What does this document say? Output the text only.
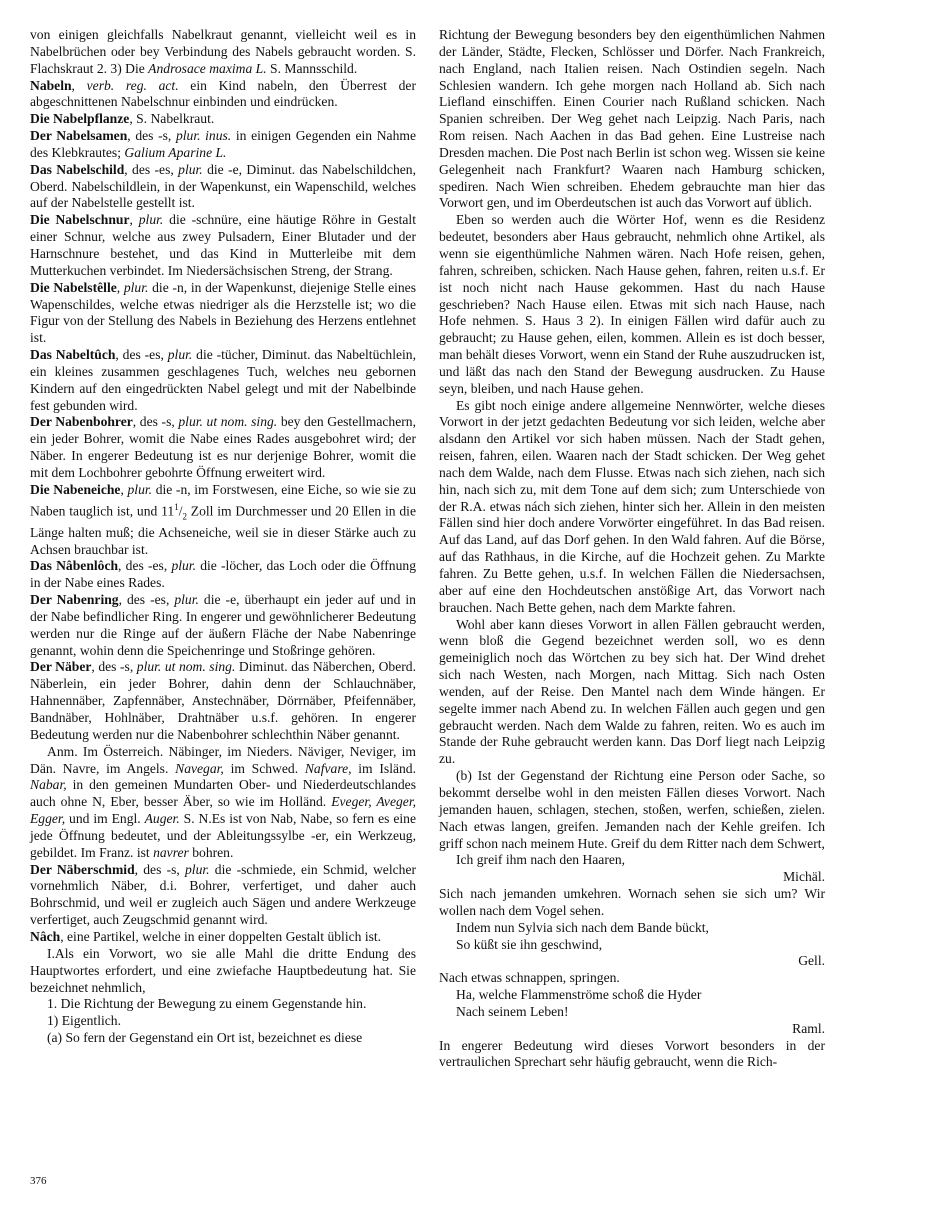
von einigen gleichfalls Nabelkraut genannt, vielleicht weil es in Nabelbrüchen oder bey Verbindung des Nabels gebraucht worden. S. Flachskraut 2. 3) Die Androsace maxima L. S. Mannsschild.

Nabeln, verb. reg. act. ein Kind nabeln, den Überrest der abgeschnittenen Nabelschnur einbinden und eindrücken.

Die Nabelpflanze, S. Nabelkraut.

Der Nabelsamen, des -s, plur. inus. in einigen Gegenden ein Nahme des Klebkrautes; Galium Aparine L.

Das Nabelschild, des -es, plur. die -e, Diminut. das Nabelschildchen, Oberd. Nabelschildlein, in der Wapenkunst, ein Wapenschild, welches auf der Nabelstelle gestellt ist.

Die Nabelschnur, plur. die -schnüre, eine häutige Röhre in Gestalt einer Schnur, welche aus zwey Pulsadern, Einer Blutader und der Harnschnure bestehet, und das Kind in Mutterleibe mit dem Mutterkuchen verbindet. Im Niedersächsischen Streng, der Strang.

Die Nabelstêlle, plur. die -n, in der Wapenkunst, diejenige Stelle eines Wapenschildes, welche etwas niedriger als die Herzstelle ist; wo die Figur von der Stellung des Nabels in Beziehung des Herzens entlehnet ist.

Das Nabeltûch, des -es, plur. die -tücher, Diminut. das Nabeltüchlein, ein kleines zusammen geschlagenes Tuch, welches neu gebornen Kindern auf den eingedrückten Nabel gelegt und mit der Nabelbinde fest gebunden wird.

Der Nabenbohrer, des -s, plur. ut nom. sing. bey den Gestellmachern, ein jeder Bohrer, womit die Nabe eines Rades ausgebohret wird; der Näber. In engerer Bedeutung ist es nur derjenige Bohrer, womit die mit dem Lochbohrer gebohrte Öffnung erweitert wird.

Die Nabeneiche, plur. die -n, im Forstwesen, eine Eiche, so wie sie zu Naben tauglich ist, und $11^1/_2$ Zoll im Durchmesser und 20 Ellen in die Länge halten muß; die Achseneiche, weil sie in dieser Stärke auch zu Achsen brauchbar ist.

Das Nâbenlôch, des -es, plur. die -löcher, das Loch oder die Öffnung in der Nabe eines Rades.

Der Nabenring, des -es, plur. die -e, überhaupt ein jeder auf und in der Nabe befindlicher Ring. In engerer und gewöhnlicherer Bedeutung werden nur die Ringe auf der äußern Fläche der Nabe Nabenringe genannt, wohin denn die Speichenringe und Stoßringe gehören.

Der Näber, des -s, plur. ut nom. sing. Diminut. das Näberchen, Oberd. Näberlein, ein jeder Bohrer, dahin denn der Schlauchnäber, Hahnennäber, Zapfennäber, Anstechnäber, Dörrnäber, Pfeifennäber, Bandnäber, Hohlnäber, Drahtnäber u.s.f. gehören. In engerer Bedeutung werden nur die Nabenbohrer schlechthin Näber genannt.

Anm. Im Österreich. Näbinger, im Nieders. Näviger, Neviger, im Dän. Navre, im Angels. Navegar, im Schwed. Nafvare, im Isländ. Nabar, in den gemeinen Mundarten Ober- und Niederdeutschlandes auch ohne N, Eber, besser Äber, so wie im Holländ. Eveger, Aveger, Egger, und im Engl. Auger. S. N.Es ist von Nab, Nabe, so fern es eine jede Öffnung bedeutet, und der Ableitungssylbe -er, ein Werkzeug, gebildet. Im Franz. ist navrer bohren.

Der Näberschmid, des -s, plur. die -schmiede, ein Schmid, welcher vornehmlich Näber, d.i. Bohrer, verfertiget, und daher auch Bohrschmid, und weil er zugleich auch Sägen und andere Werkzeuge verfertiget, auch Zeugschmid genannt wird.

Nâch, eine Partikel, welche in einer doppelten Gestalt üblich ist.

I.Als ein Vorwort, wo sie alle Mahl die dritte Endung des Hauptwortes erfordert, und eine zwiefache Hauptbedeutung hat. Sie bezeichnet nehmlich,

1. Die Richtung der Bewegung zu einem Gegenstande hin.

1) Eigentlich.

(a) So fern der Gegenstand ein Ort ist, bezeichnet es diese

Richtung der Bewegung besonders bey den eigenthümlichen Nahmen der Länder, Städte, Flecken, Schlösser und Dörfer. Nach Frankreich, nach England, nach Italien reisen. Nach Ostindien segeln. Nach Schlesien wandern. Ich gehe morgen nach Holland ab. Sich nach Liefland einschiffen. Einen Courier nach Rußland schicken. Nach Spanien schreiben. Der Weg gehet nach Leipzig. Nach Paris, nach Rom reisen. Nach Aachen in das Bad gehen. Eine Lustreise nach Dresden machen. Die Post nach Berlin ist schon weg. Wissen sie keine Gelegenheit nach Frankfurt? Waaren nach Hamburg schicken, spediren. Nach Wien schreiben. Ehedem gebrauchte man hier das Vorwort gen, und im Oberdeutschen ist auch das Vorwort auf üblich.

Eben so werden auch die Wörter Hof, wenn es die Residenz bedeutet, besonders aber Haus gebraucht, nehmlich ohne Artikel, als wenn sie eigenthümliche Nahmen wären. Nach Hofe reisen, gehen, fahren, schreiben, schicken. Nach Hause gehen, fahren, reiten u.s.f. Er ist noch nicht nach Hause gekommen. Hast du nach Hause geschrieben? Nach Hause eilen. Etwas mit sich nach Hause, nach Hofe nehmen. S. Haus 3 2). In einigen Fällen wird dafür auch zu gebraucht; zu Hause gehen, eilen, kommen. Allein es ist doch besser, man behält dieses Vorwort, wenn ein Stand der Ruhe auszudrucken ist, und läßt das nach den Stand der Bewegung ausdrucken. Zu Hause seyn, bleiben, und nach Hause gehen.

Es gibt noch einige andere allgemeine Nennwörter, welche dieses Vorwort in der jetzt gedachten Bedeutung vor sich leiden, welche aber alsdann den Artikel vor sich haben müssen. Nach der Stadt gehen, reisen, fahren, eilen. Waaren nach der Stadt schicken. Der Weg gehet nach dem Walde, nach dem Flusse. Etwas nach sich ziehen, nach sich hin, nach sich zu, mit dem Tone auf dem sich; zum Unterschiede von der R.A. etwas nách sich ziehen, hinter sich her. Allein in den meisten Fällen sind hier doch andere Vorwörter eingeführet. In das Bad reisen. Auf das Land, auf das Dorf gehen. In den Wald fahren. Auf die Börse, auf das Rathhaus, in die Kirche, auf die Hochzeit gehen. Zu Markte fahren. Zu Bette gehen, u.s.f. In welchen Fällen die Niedersachsen, aber auf eine den Hochdeutschen anstößige Art, das Vorwort nach brauchen. Nach Bette gehen, nach dem Markte fahren.

Wohl aber kann dieses Vorwort in allen Fällen gebraucht werden, wenn bloß die Gegend bezeichnet werden soll, wo es denn gemeiniglich noch das Wörtchen zu bey sich hat. Der Wind drehet sich nach Westen, nach Morgen, nach Mittag. Sich nach Osten wenden, auf der Reise. Den Mantel nach dem Winde hängen. Er segelte immer nach Abend zu. In welchen Fällen auch gegen und gen gebraucht werden. Nach dem Walde zu fahren, reiten. Wo es auch im Stande der Ruhe gebraucht werden kann. Das Dorf liegt nach Leipzig zu.

(b) Ist der Gegenstand der Richtung eine Person oder Sache, so bekommt derselbe wohl in den meisten Fällen dieses Vorwort. Nach jemanden hauen, schlagen, stechen, stoßen, werfen, schießen, zielen. Nach etwas langen, greifen. Jemanden nach der Kehle greifen. Ich griff schon nach meinem Hute. Greif du dem Ritter nach dem Schwert,

Ich greif ihm nach den Haaren,

Michäl.

Sich nach jemanden umkehren. Wornach sehen sie sich um? Wir wollen nach dem Vogel sehen.

Indem nun Sylvia sich nach dem Bande bückt,

So küßt sie ihn geschwind,

Gell.

Nach etwas schnappen, springen.

Ha, welche Flammenströme schoß die Hyder

Nach seinem Leben!

Raml.

In engerer Bedeutung wird dieses Vorwort besonders in der vertraulichen Sprechart sehr häufig gebraucht, wenn die Rich-

376
